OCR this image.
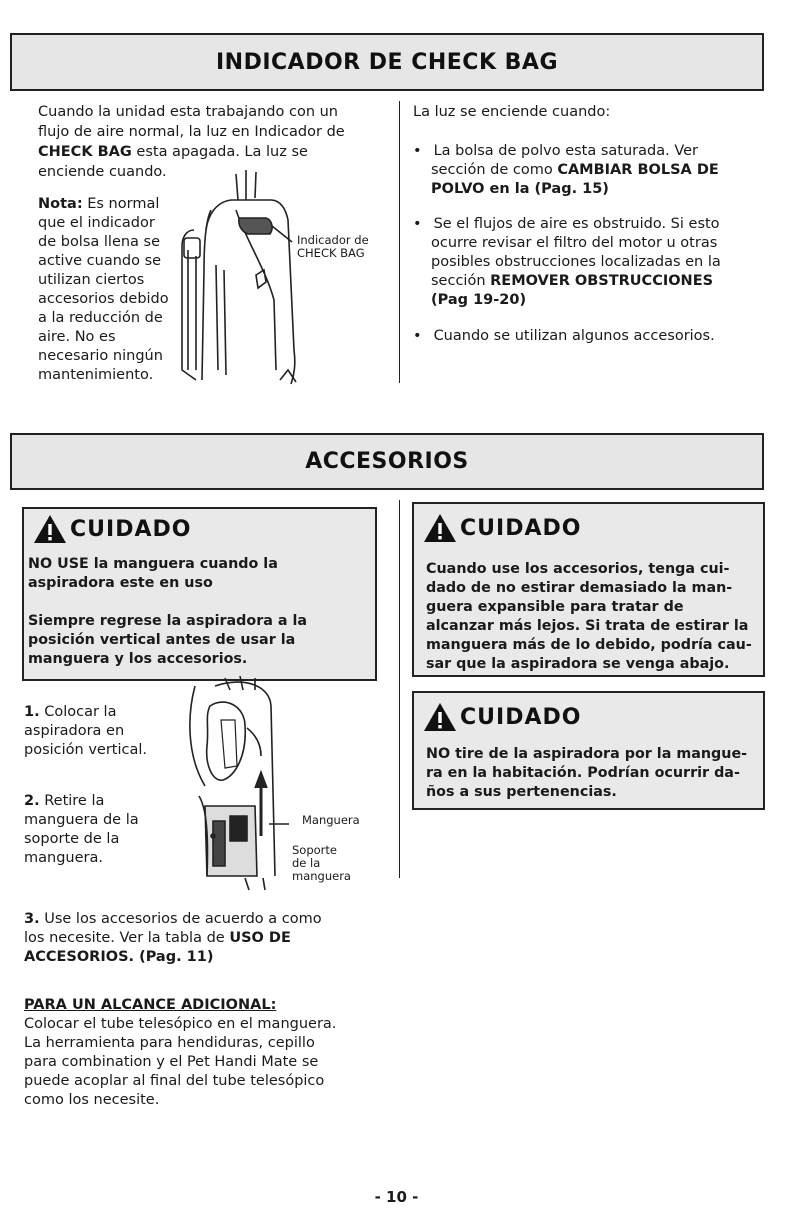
INDICADOR DE CHECK BAG
Cuando la unidad esta trabajando con un
flujo de aire normal, la luz en Indicador de
CHECK BAG esta apagada. La luz se
enciende cuando.
Nota: Es normal
que el indicador
de bolsa llena se
active cuando se
utilizan ciertos
accesorios debido
a la reducción de
aire. No es
necesario ningún
mantenimiento.
Indicador de
CHECK BAG
La luz se enciende cuando:
• La bolsa de polvo esta saturada. Ver
sección de como CAMBIAR BOLSA DE
POLVO en la (Pag. 15)
• Se el flujos de aire es obstruido. Si esto
ocurre revisar el filtro del motor u otras
posibles obstrucciones localizadas en la
sección REMOVER OBSTRUCCIONES
(Pag 19-20)
• Cuando se utilizan algunos accesorios.
ACCESORIOS
CUIDADO
NO USE la manguera cuando la
aspiradora este en uso
Siempre regrese la aspiradora a la
posición vertical antes de usar la
manguera y los accesorios.
1. Colocar la
aspiradora en
posición vertical.
2. Retire la
manguera de la
soporte de la
manguera.
Manguera
Soporte
de la
manguera
3. Use los accesorios de acuerdo a como
los necesite. Ver la tabla de USO DE
ACCESORIOS. (Pag. 11)
PARA UN ALCANCE ADICIONAL:
Colocar el tube telesópico en el manguera.
La herramienta para hendiduras, cepillo
para combination y el Pet Handi Mate se
puede acoplar al final del tube telesópico
como los necesite.
CUIDADO
Cuando use los accesorios, tenga cui-
dado de no estirar demasiado la man-
guera expansible para tratar de
alcanzar más lejos. Si trata de estirar la
manguera más de lo debido, podría cau-
sar que la aspiradora se venga abajo.
CUIDADO
NO tire de la aspiradora por la mangue-
ra en la habitación. Podrían ocurrir da-
ños a sus pertenencias.
- 10 -
